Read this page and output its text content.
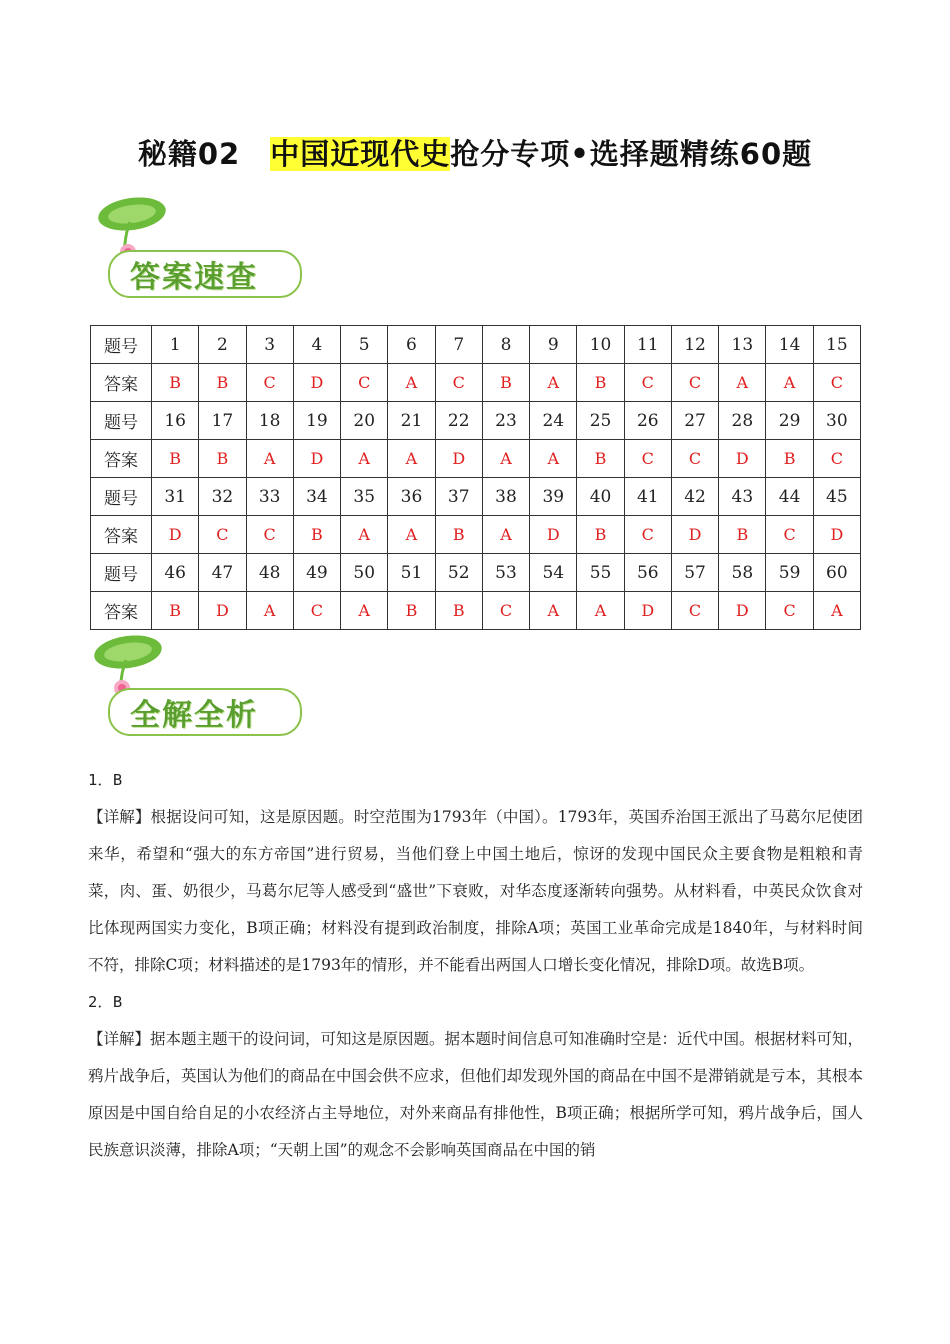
秘籍02 中国近现代史抢分专项•选择题精练60题
答案速查
题号	1	2	3	4	5	6	7	8	9	10	11	12	13	14	15
答案	B	B	C	D	C	A	C	B	A	B	C	C	A	A	C
题号	16	17	18	19	20	21	22	23	24	25	26	27	28	29	30
答案	B	B	A	D	A	A	D	A	A	B	C	C	D	B	C
题号	31	32	33	34	35	36	37	38	39	40	41	42	43	44	45
答案	D	C	C	B	A	A	B	A	D	B	C	D	B	C	D
题号	46	47	48	49	50	51	52	53	54	55	56	57	58	59	60
答案	B	D	A	C	A	B	B	C	A	A	D	C	D	C	A
全解全析

1．B

【详解】根据设问可知，这是原因题。时空范围为1793年（中国）。1793年，英国乔治国王派出了马葛尔尼使团来华，希望和“强大的东方帝国”进行贸易，当他们登上中国土地后，惊讶的发现中国民众主要食物是粗粮和青菜，肉、蛋、奶很少，马葛尔尼等人感受到“盛世”下衰败，对华态度逐渐转向强势。从材料看，中英民众饮食对比体现两国实力变化，B项正确；材料没有提到政治制度，排除A项；英国工业革命完成是1840年，与材料时间不符，排除C项；材料描述的是1793年的情形，并不能看出两国人口增长变化情况，排除D项。故选B项。

2．B

【详解】据本题主题干的设问词，可知这是原因题。据本题时间信息可知准确时空是：近代中国。根据材料可知，鸦片战争后，英国认为他们的商品在中国会供不应求，但他们却发现外国的商品在中国不是滞销就是亏本，其根本原因是中国自给自足的小农经济占主导地位，对外来商品有排他性，B项正确；根据所学可知，鸦片战争后，国人民族意识淡薄，排除A项；“天朝上国”的观念不会影响英国商品在中国的销
